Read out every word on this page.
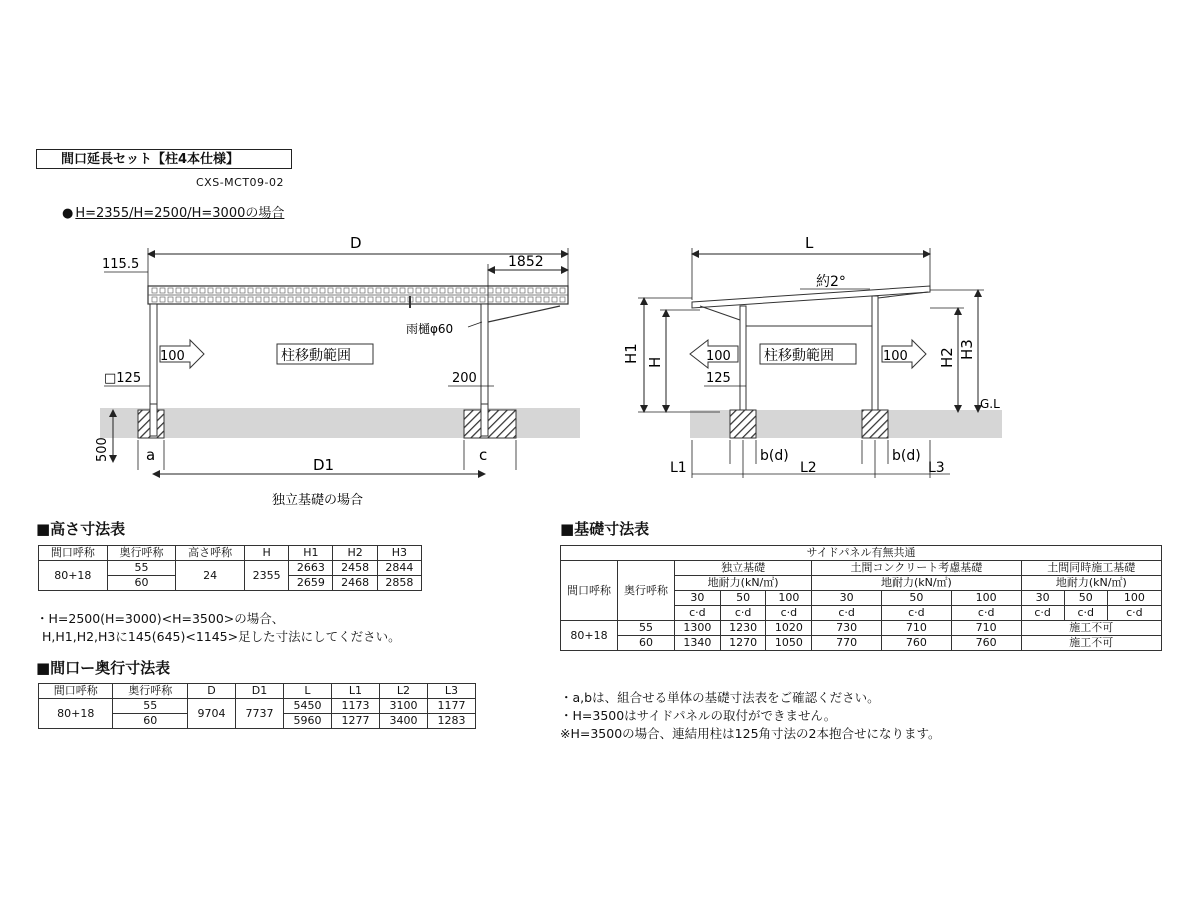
間口延長セット【柱4本仕様】
CXS-MCT09-02
● H=2355/H=2500/H=3000の場合
D
1852
115.5
雨樋φ60
100	柱移動範囲
□125	200
500 a	c
D1
独立基礎の場合
L
約2°
H1 H	100 柱移動範囲	100
125
H2 H3
G.L
L1
b(d)
L2
b(d)
L3
■高さ寸法表
間口呼称	奥行呼称	高さ呼称	H	H1	H2	H3
80+18	55	24	2355	2663	2458	2844
	60			2659	2468	2858
・H=2500(H=3000)<H=3500>の場合、
H,H1,H2,H3に145(645)<1145>足した寸法にしてください。
■間口ー奥行寸法表
間口呼称	奥行呼称	D	D1	L	L1	L2	L3
80+18	55	9704	7737	5450	1173	3100	1177
	60			5960	1277	3400	1283
■基礎寸法表
サイドパネル有無共通										
間口呼称	奥行呼称	独立基礎			土間コンクリート考慮基礎			土間同時施工基礎		
		地耐力(kN/㎡)			地耐力(kN/㎡)			地耐力(kN/㎡)		
		30	50	100	30	50	100	30	50	100
		c·d	c·d	c·d	c·d	c·d	c·d	c·d	c·d	c·d
80+18	55	1300	1230	1020	730	710	710	施工不可		
	60	1340	1270	1050	770	760	760	施工不可		
・a,bは、組合せる単体の基礎寸法表をご確認ください。
・H=3500はサイドパネルの取付ができません。
※H=3500の場合、連結用柱は125角寸法の2本抱合せになります。
